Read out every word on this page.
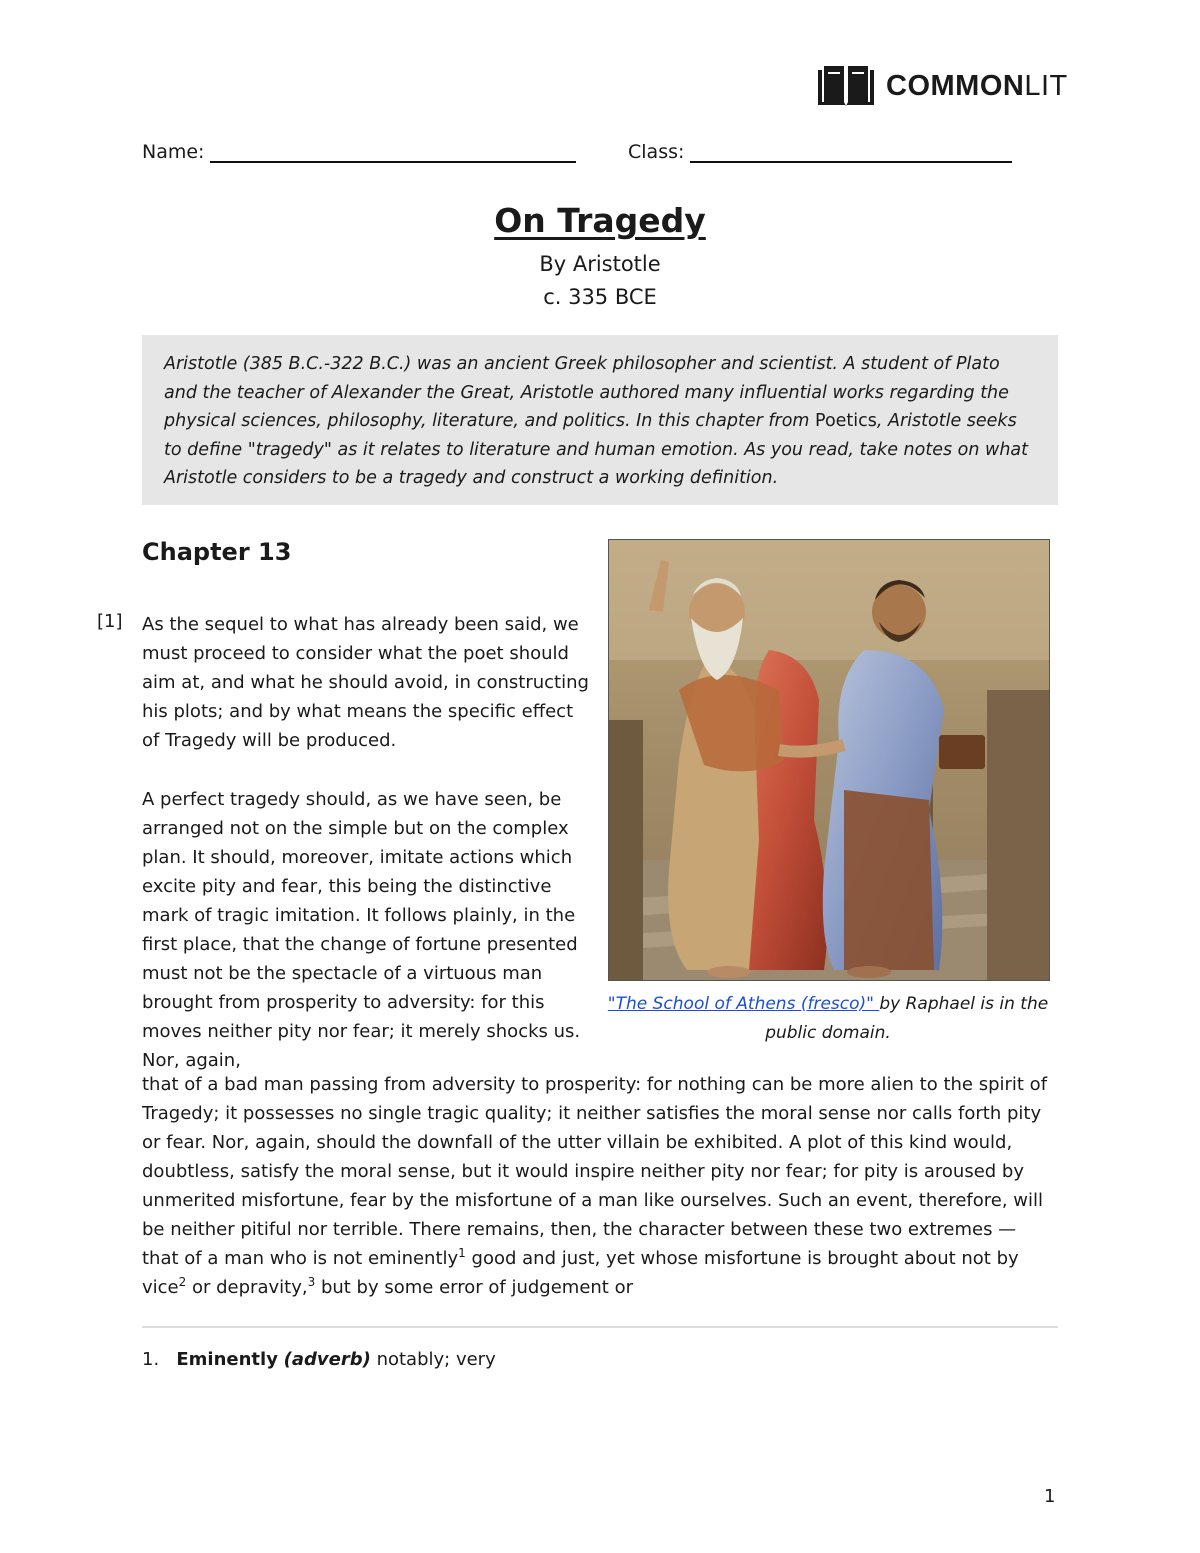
COMMONLIT
Name:	Class:
On Tragedy
By Aristotle
c. 335 BCE
Aristotle (385 B.C.-322 B.C.) was an ancient Greek philosopher and scientist. A student of Plato and the teacher of Alexander the Great, Aristotle authored many influential works regarding the physical sciences, philosophy, literature, and politics. In this chapter from Poetics, Aristotle seeks to define "tragedy" as it relates to literature and human emotion. As you read, take notes on what Aristotle considers to be a tragedy and construct a working definition.
Chapter 13
[1] As the sequel to what has already been said, we must proceed to consider what the poet should aim at, and what he should avoid, in constructing his plots; and by what means the specific effect of Tragedy will be produced.
A perfect tragedy should, as we have seen, be arranged not on the simple but on the complex plan. It should, moreover, imitate actions which excite pity and fear, this being the distinctive mark of tragic imitation. It follows plainly, in the first place, that the change of fortune presented must not be the spectacle of a virtuous man brought from prosperity to adversity: for this moves neither pity nor fear; it merely shocks us. Nor, again,
that of a bad man passing from adversity to prosperity: for nothing can be more alien to the spirit of Tragedy; it possesses no single tragic quality; it neither satisfies the moral sense nor calls forth pity or fear. Nor, again, should the downfall of the utter villain be exhibited. A plot of this kind would, doubtless, satisfy the moral sense, but it would inspire neither pity nor fear; for pity is aroused by unmerited misfortune, fear by the misfortune of a man like ourselves. Such an event, therefore, will be neither pitiful nor terrible. There remains, then, the character between these two extremes — that of a man who is not eminently$^1$ good and just, yet whose misfortune is brought about not by vice$^2$ or depravity,$^3$ but by some error of judgement or
"The School of Athens (fresco)" by Raphael is in the public domain.
1. Eminently (adverb) notably; very
1
